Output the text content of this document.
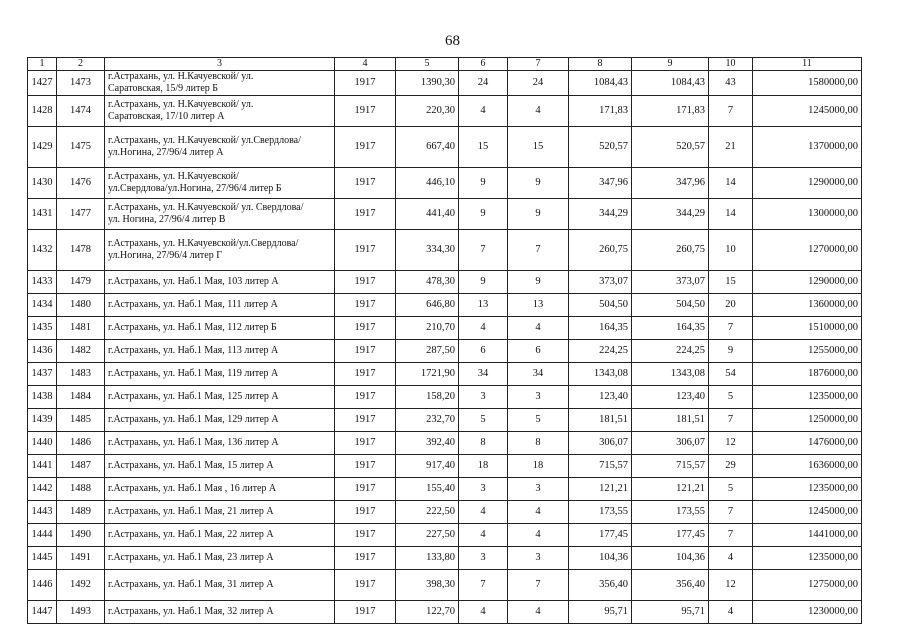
68
1	2	3	4	5	6	7	8	9	10	11
1427	1473	г.Астрахань, ул. Н.Качуевской/ ул.
Саратовская, 15/9 литер Б	1917	1390,30	24	24	1084,43	1084,43	43	1580000,00
1428	1474	г.Астрахань, ул. Н.Качуевской/ ул.
Саратовская, 17/10 литер А	1917	220,30	4	4	171,83	171,83	7	1245000,00
1429	1475	г.Астрахань, ул. Н.Качуевской/ ул.Свердлова/
ул.Ногина, 27/96/4 литер А	1917	667,40	15	15	520,57	520,57	21	1370000,00
1430	1476	г.Астрахань, ул. Н.Качуевской/
ул.Свердлова/ул.Ногина, 27/96/4 литер Б	1917	446,10	9	9	347,96	347,96	14	1290000,00
1431	1477	г.Астрахань, ул. Н.Качуевской/ ул. Свердлова/
ул. Ногина, 27/96/4 литер В	1917	441,40	9	9	344,29	344,29	14	1300000,00
1432	1478	г.Астрахань, ул. Н.Качуевской/ул.Свердлова/
ул.Ногина, 27/96/4 литер Г	1917	334,30	7	7	260,75	260,75	10	1270000,00
1433	1479	г.Астрахань, ул. Наб.1 Мая, 103 литер А	1917	478,30	9	9	373,07	373,07	15	1290000,00
1434	1480	г.Астрахань, ул. Наб.1 Мая, 111 литер А	1917	646,80	13	13	504,50	504,50	20	1360000,00
1435	1481	г.Астрахань, ул. Наб.1 Мая, 112 литер Б	1917	210,70	4	4	164,35	164,35	7	1510000,00
1436	1482	г.Астрахань, ул. Наб.1 Мая, 113 литер А	1917	287,50	6	6	224,25	224,25	9	1255000,00
1437	1483	г.Астрахань, ул. Наб.1 Мая, 119 литер А	1917	1721,90	34	34	1343,08	1343,08	54	1876000,00
1438	1484	г.Астрахань, ул. Наб.1 Мая, 125 литер А	1917	158,20	3	3	123,40	123,40	5	1235000,00
1439	1485	г.Астрахань, ул. Наб.1 Мая, 129 литер А	1917	232,70	5	5	181,51	181,51	7	1250000,00
1440	1486	г.Астрахань, ул. Наб.1 Мая, 136 литер А	1917	392,40	8	8	306,07	306,07	12	1476000,00
1441	1487	г.Астрахань, ул. Наб.1 Мая, 15 литер А	1917	917,40	18	18	715,57	715,57	29	1636000,00
1442	1488	г.Астрахань, ул. Наб.1 Мая , 16 литер А	1917	155,40	3	3	121,21	121,21	5	1235000,00
1443	1489	г.Астрахань, ул. Наб.1 Мая, 21 литер А	1917	222,50	4	4	173,55	173,55	7	1245000,00
1444	1490	г.Астрахань, ул. Наб.1 Мая, 22 литер А	1917	227,50	4	4	177,45	177,45	7	1441000,00
1445	1491	г.Астрахань, ул. Наб.1 Мая, 23 литер А	1917	133,80	3	3	104,36	104,36	4	1235000,00
1446	1492	г.Астрахань, ул. Наб.1 Мая, 31 литер А	1917	398,30	7	7	356,40	356,40	12	1275000,00
1447	1493	г.Астрахань, ул. Наб.1 Мая, 32 литер А	1917	122,70	4	4	95,71	95,71	4	1230000,00
